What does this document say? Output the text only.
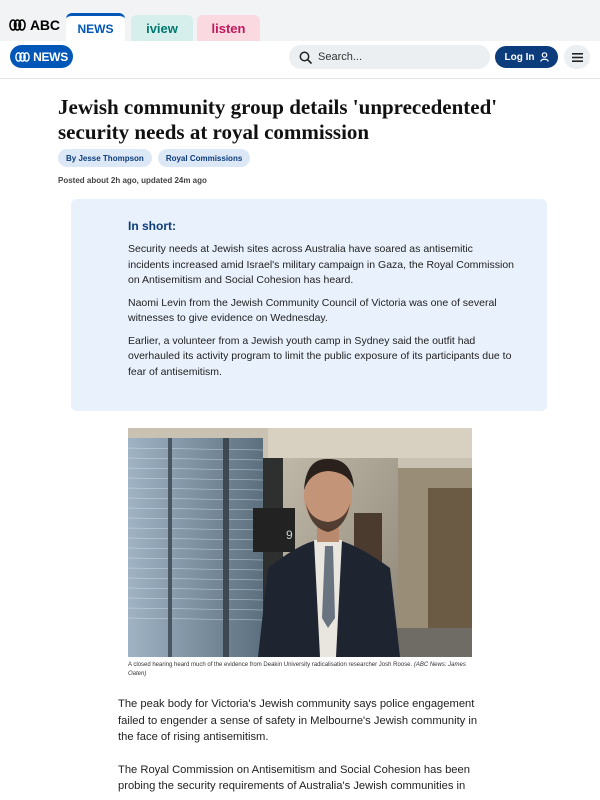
ABC	NEWS	iview	listen
NEWS
Search...	Log In
Jewish community group details 'unprecedented' security needs at royal commission
By Jesse Thompson	Royal Commissions
Posted about 2h ago, updated 24m ago
In short:

Security needs at Jewish sites across Australia have soared as antisemitic incidents increased amid Israel's military campaign in Gaza, the Royal Commission on Antisemitism and Social Cohesion has heard.

Naomi Levin from the Jewish Community Council of Victoria was one of several witnesses to give evidence on Wednesday.

Earlier, a volunteer from a Jewish youth camp in Sydney said the outfit had overhauled its activity program to limit the public exposure of its participants due to fear of antisemitism.

9
A closed hearing heard much of the evidence from Deakin University radicalisation researcher Josh Roose. (ABC News: James Oaten)

The peak body for Victoria's Jewish community says police engagement failed to engender a sense of safety in Melbourne's Jewish community in the face of rising antisemitism.

The Royal Commission on Antisemitism and Social Cohesion has been probing the security requirements of Australia's Jewish communities in
